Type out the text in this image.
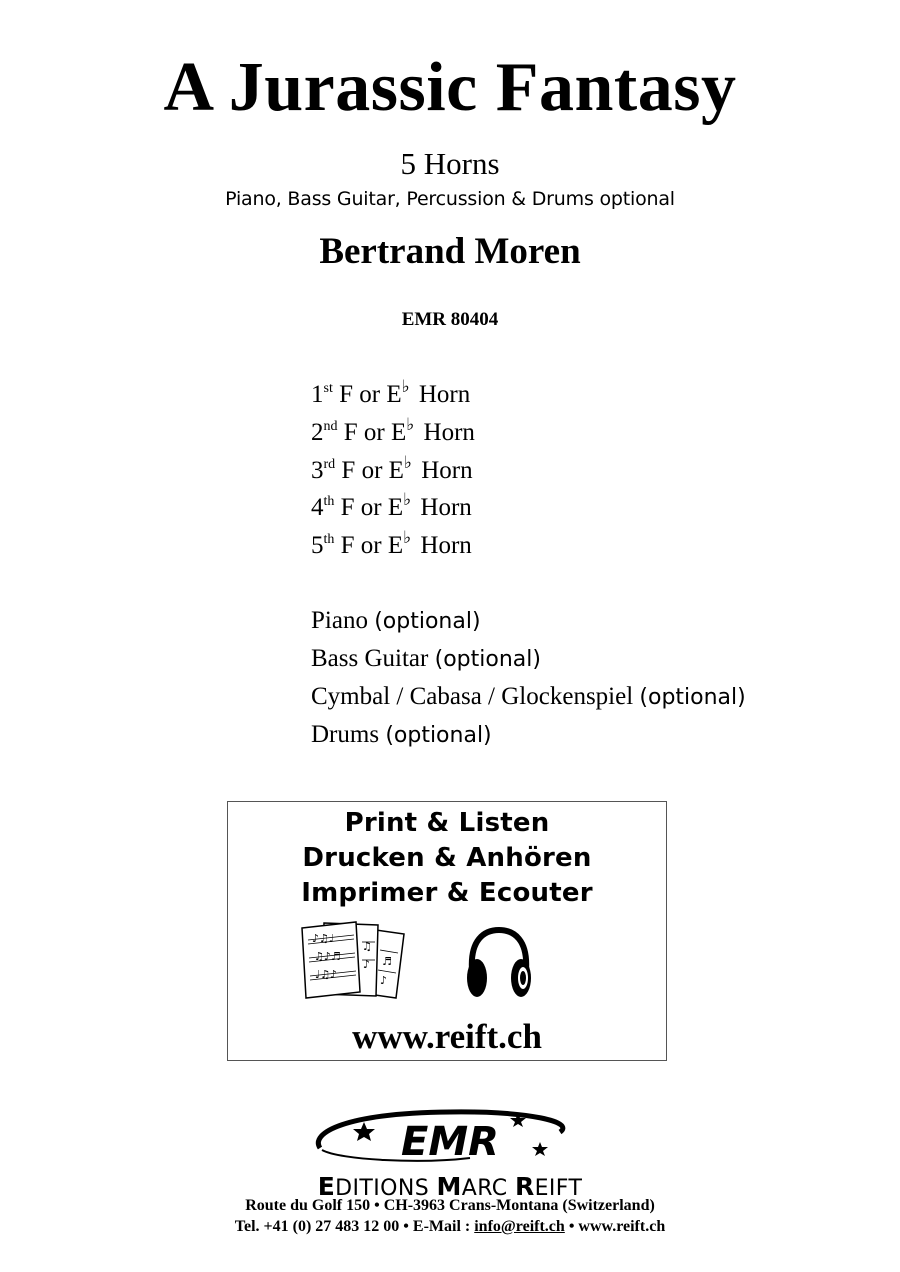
A Jurassic Fantasy
5 Horns
Piano, Bass Guitar, Percussion & Drums optional
Bertrand Moren
EMR 80404
1st F or E♭ Horn
2nd F or E♭ Horn
3rd F or E♭ Horn
4th F or E♭ Horn
5th F or E♭ Horn
Piano (optional)
Bass Guitar (optional)
Cymbal / Cabasa / Glockenspiel (optional)
Drums (optional)
Print & Listen
Drucken & Anhören
Imprimer & Ecouter
♪♫♩
♫♪♬
♩♫♪
♫
♪ ♬
♪
www.reift.ch
EMR
EDITIONS MARC REIFT
Route du Golf 150 • CH-3963 Crans-Montana (Switzerland)
Tel. +41 (0) 27 483 12 00 • E-Mail : info@reift.ch • www.reift.ch
